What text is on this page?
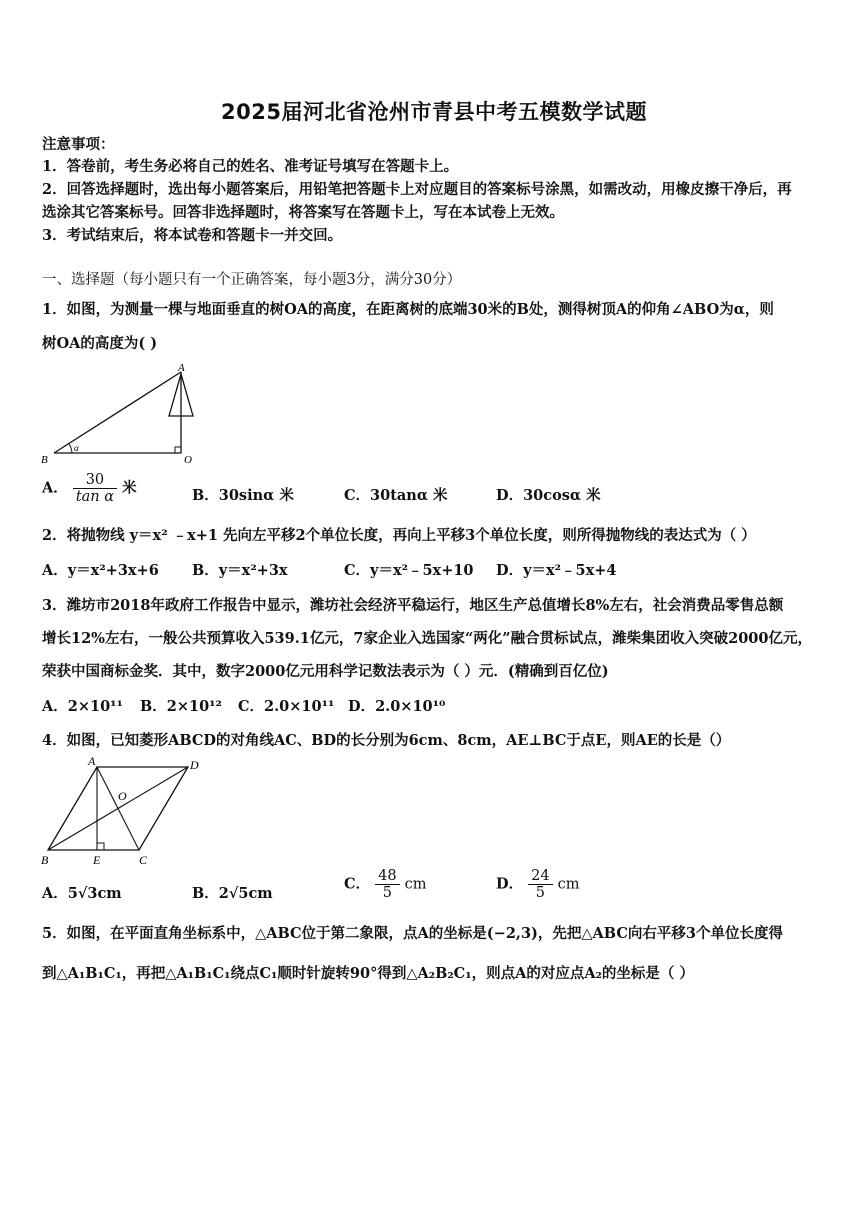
2025届河北省沧州市青县中考五模数学试题
注意事项：
1．答卷前，考生务必将自己的姓名、准考证号填写在答题卡上。
2．回答选择题时，选出每小题答案后，用铅笔把答题卡上对应题目的答案标号涂黑，如需改动，用橡皮擦干净后，再
选涂其它答案标号。回答非选择题时，将答案写在答题卡上，写在本试卷上无效。
3．考试结束后，将本试卷和答题卡一并交回。
一、选择题（每小题只有一个正确答案，每小题3分，满分30分）
1．如图，为测量一棵与地面垂直的树OA的高度，在距离树的底端30米的B处，测得树顶A的仰角∠ABO为α，则
树OA的高度为( )
A
B	O
α
A． $\frac{30}{\text{tan α}}$ 米	B．30sinα 米	C．30tanα 米	D．30cosα 米
2．将抛物线 y＝x² ﹣x+1 先向左平移2个单位长度，再向上平移3个单位长度，则所得抛物线的表达式为（ ）
A．y＝x²+3x+6 B．y＝x²+3x	C．y＝x²﹣5x+10 D．y＝x²﹣5x+4
3．潍坊市2018年政府工作报告中显示，潍坊社会经济平稳运行，地区生产总值增长8%左右，社会消费品零售总额
增长12%左右，一般公共预算收入539.1亿元，7家企业入选国家“两化”融合贯标试点，潍柴集团收入突破2000亿元，
荣获中国商标金奖．其中，数字2000亿元用科学记数法表示为（ ）元．(精确到百亿位)
A．2×10¹¹ B．2×10¹² C．2.0×10¹¹ D．2.0×10¹⁰
4．如图，已知菱形ABCD的对角线AC、BD的长分别为6cm、8cm，AE⊥BC于点E，则AE的长是（）
A	D
O
B	E	C
A．5√3cm	B．2√5cm
C． $\frac{48}{5}$ cm	D． $\frac{24}{5}$ cm
5．如图，在平面直角坐标系中，△ABC位于第二象限，点A的坐标是(−2,3)，先把△ABC向右平移3个单位长度得
到△A₁B₁C₁，再把△A₁B₁C₁绕点C₁顺时针旋转90°得到△A₂B₂C₁，则点A的对应点A₂的坐标是（ ）
